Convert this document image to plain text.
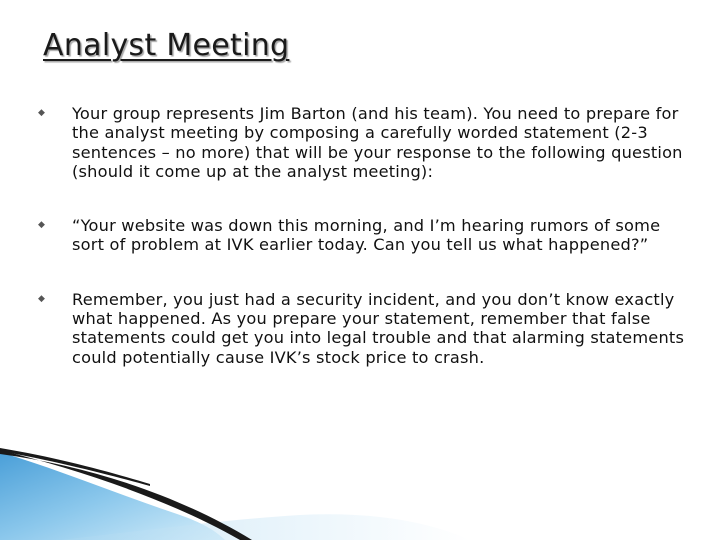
Analyst Meeting
◆ Your group represents Jim Barton (and his team). You need to prepare for the analyst meeting by composing a carefully worded statement (2-3 sentences – no more) that will be your response to the following question (should it come up at the analyst meeting):
◆ “Your website was down this morning, and I’m hearing rumors of some sort of problem at IVK earlier today. Can you tell us what happened?”
◆ Remember, you just had a security incident, and you don’t know exactly what happened. As you prepare your statement, remember that false statements could get you into legal trouble and that alarming statements could potentially cause IVK’s stock price to crash.
